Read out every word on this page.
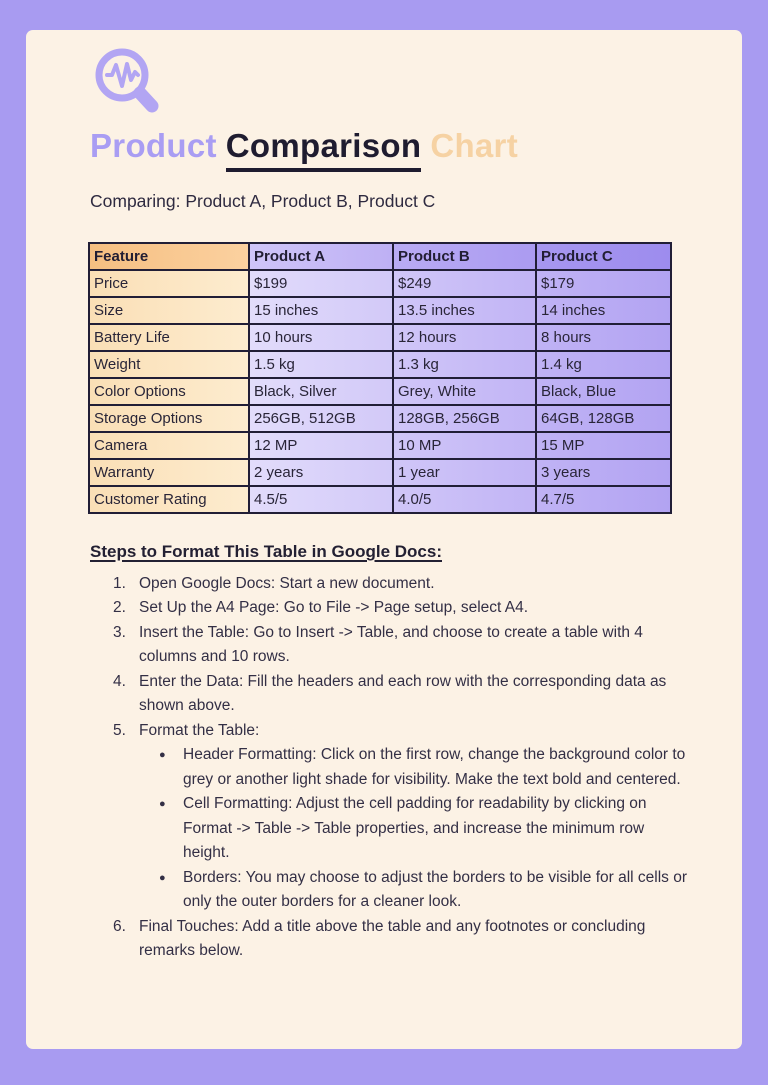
Product Comparison Chart

Comparing: Product A, Product B, Product C

Feature	Product A	Product B	Product C
Price	$199	$249	$179
Size	15 inches	13.5 inches	14 inches
Battery Life	10 hours	12 hours	8 hours
Weight	1.5 kg	1.3 kg	1.4 kg
Color Options	Black, Silver	Grey, White	Black, Blue
Storage Options	256GB, 512GB	128GB, 256GB	64GB, 128GB
Camera	12 MP	10 MP	15 MP
Warranty	2 years	1 year	3 years
Customer Rating	4.5/5	4.0/5	4.7/5
Steps to Format This Table in Google Docs:
1. Open Google Docs: Start a new document.
2. Set Up the A4 Page: Go to File -> Page setup, select A4.
3. Insert the Table: Go to Insert -> Table, and choose to create a table with 4 columns and 10 rows.
4. Enter the Data: Fill the headers and each row with the corresponding data as shown above.
5. Format the Table:
●	Header Formatting: Click on the first row, change the background color to grey or another light shade for visibility. Make the text bold and centered.
●	Cell Formatting: Adjust the cell padding for readability by clicking on Format -> Table -> Table properties, and increase the minimum row height.
●	Borders: You may choose to adjust the borders to be visible for all cells or only the outer borders for a cleaner look.
6. Final Touches: Add a title above the table and any footnotes or concluding remarks below.
